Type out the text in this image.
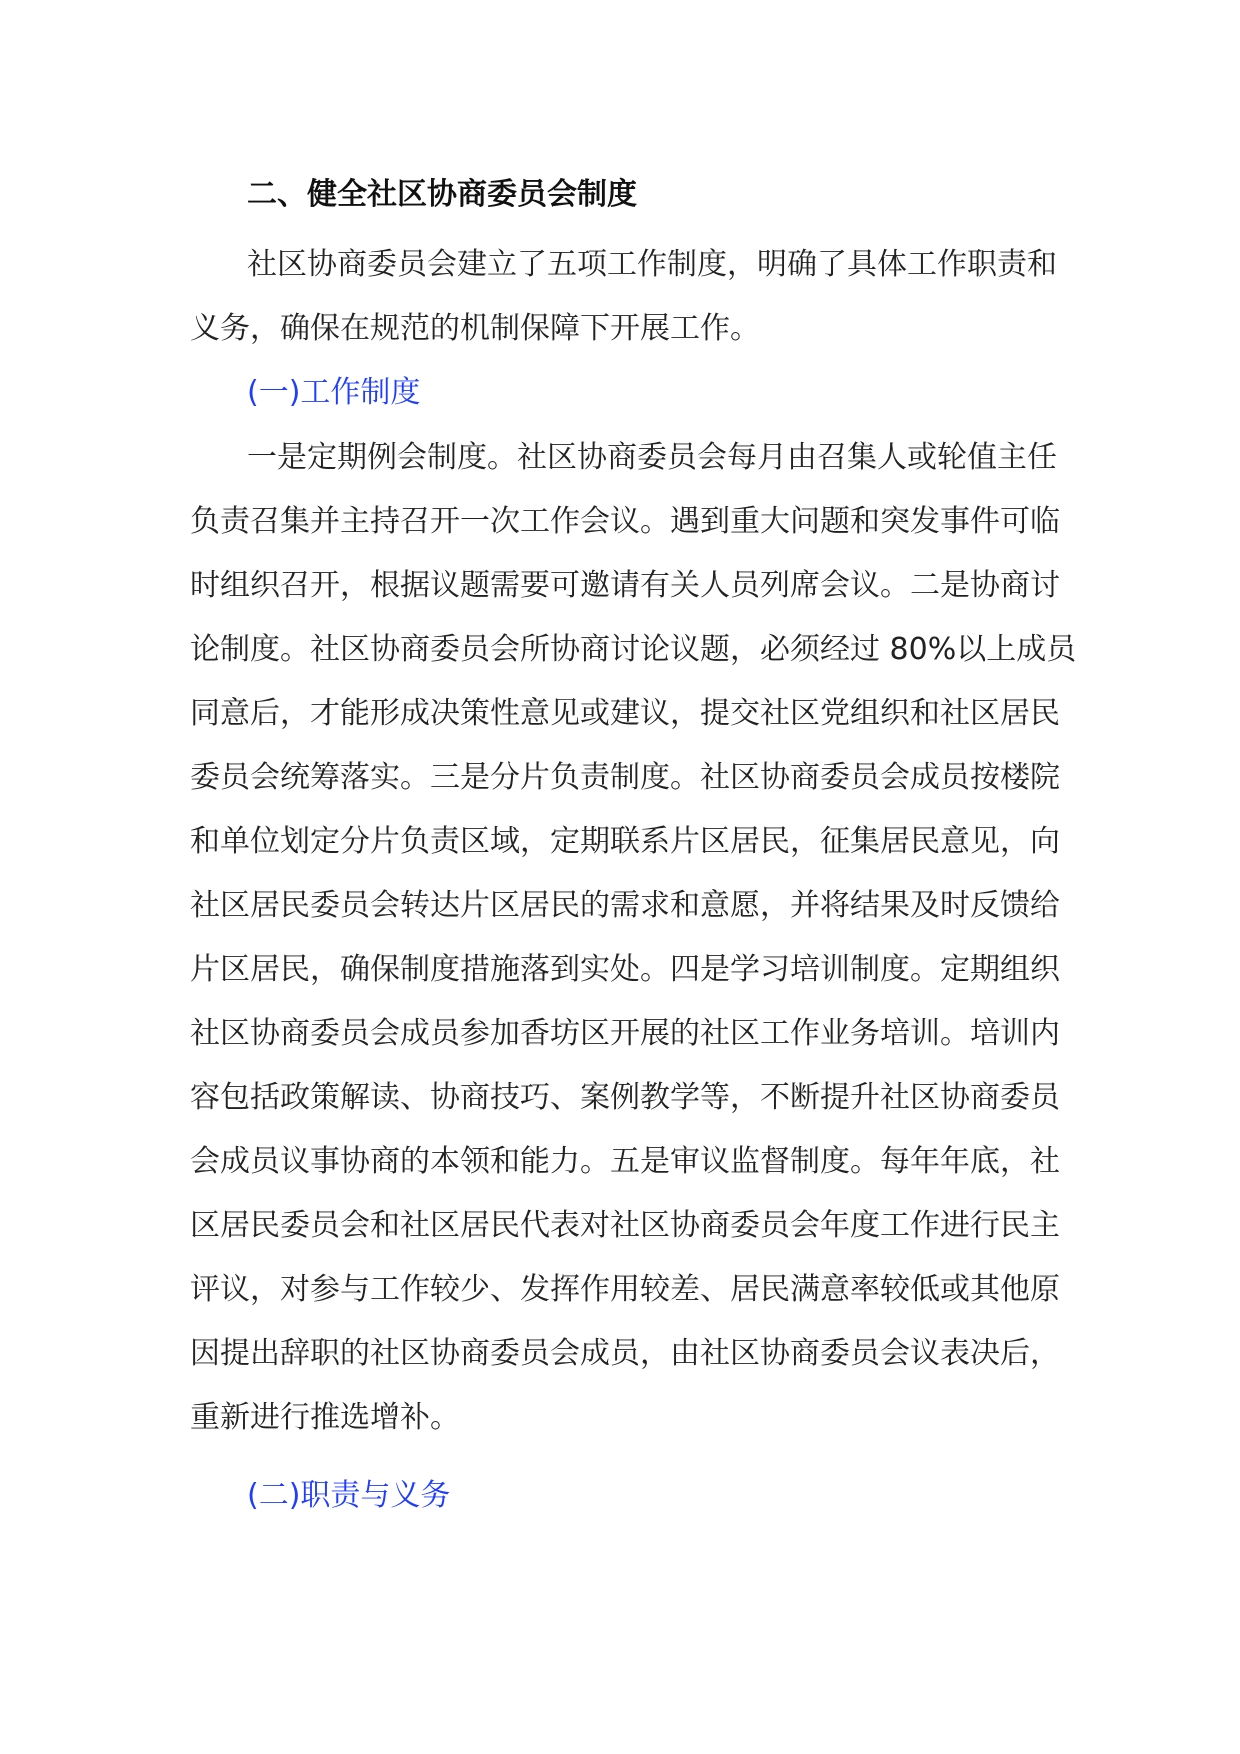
二、健全社区协商委员会制度
社区协商委员会建立了五项工作制度，明确了具体工作职责和
义务，确保在规范的机制保障下开展工作。
(一)工作制度
一是定期例会制度。社区协商委员会每月由召集人或轮值主任
负责召集并主持召开一次工作会议。遇到重大问题和突发事件可临
时组织召开，根据议题需要可邀请有关人员列席会议。二是协商讨
论制度。社区协商委员会所协商讨论议题，必须经过 80%以上成员
同意后，才能形成决策性意见或建议，提交社区党组织和社区居民
委员会统筹落实。三是分片负责制度。社区协商委员会成员按楼院
和单位划定分片负责区域，定期联系片区居民，征集居民意见，向
社区居民委员会转达片区居民的需求和意愿，并将结果及时反馈给
片区居民，确保制度措施落到实处。四是学习培训制度。定期组织
社区协商委员会成员参加香坊区开展的社区工作业务培训。培训内
容包括政策解读、协商技巧、案例教学等，不断提升社区协商委员
会成员议事协商的本领和能力。五是审议监督制度。每年年底，社
区居民委员会和社区居民代表对社区协商委员会年度工作进行民主
评议，对参与工作较少、发挥作用较差、居民满意率较低或其他原
因提出辞职的社区协商委员会成员，由社区协商委员会议表决后，
重新进行推选增补。
(二)职责与义务
